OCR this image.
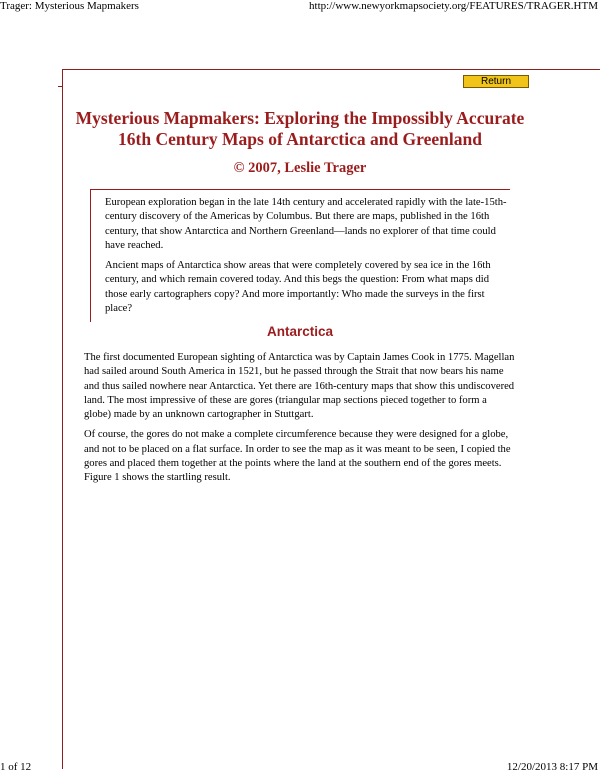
Trager: Mysterious Mapmakers	http://www.newyorkmapsociety.org/FEATURES/TRAGER.HTM
Return
Mysterious Mapmakers: Exploring the Impossibly Accurate
16th Century Maps of Antarctica and Greenland
© 2007, Leslie Trager

European exploration began in the late 14th century and accelerated rapidly with the late-15th-century discovery of the Americas by Columbus. But there are maps, published in the 16th century, that show Antarctica and Northern Greenland—lands no explorer of that time could have reached.

Ancient maps of Antarctica show areas that were completely covered by sea ice in the 16th century, and which remain covered today. And this begs the question: From what maps did those early cartographers copy? And more importantly: Who made the surveys in the first place?

Antarctica

The first documented European sighting of Antarctica was by Captain James Cook in 1775. Magellan had sailed around South America in 1521, but he passed through the Strait that now bears his name and thus sailed nowhere near Antarctica. Yet there are 16th-century maps that show this undiscovered land. The most impressive of these are gores (triangular map sections pieced together to form a globe) made by an unknown cartographer in Stuttgart.

Of course, the gores do not make a complete circumference because they were designed for a globe, and not to be placed on a flat surface. In order to see the map as it was meant to be seen, I copied the gores and placed them together at the points where the land at the southern end of the gores meets. Figure 1 shows the startling result.

1 of 12	12/20/2013 8:17 PM
